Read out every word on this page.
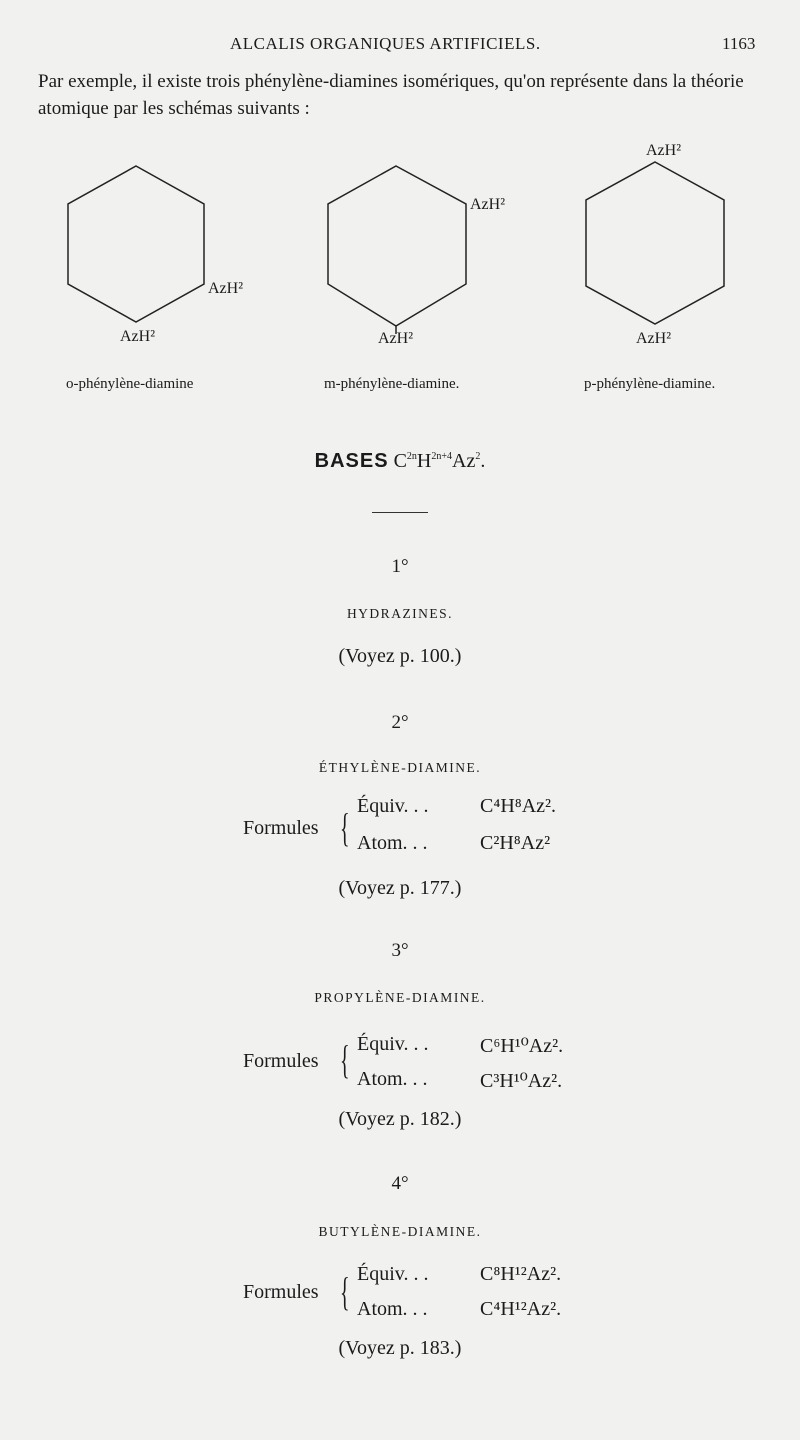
ALCALIS ORGANIQUES ARTIFICIELS.	1163
Par exemple, il existe trois phénylène-diamines isomériques, qu'on représente dans la théorie atomique par les schémas suivants :
AzH²
AzH²
AzH²
AzH²
AzH²
AzH²
o-phénylène-diamine	m-phénylène-diamine.	p-phénylène-diamine.
BASES $C^{2n}H^{2n+4}Az^2$.
1°
HYDRAZINES.
(Voyez p. 100.)
2°
ÉTHYLÈNE-DIAMINE.
Formules { Équiv. . .	C⁴H⁸Az².
Atom. . .	C²H⁸Az²
(Voyez p. 177.)
3°
PROPYLÈNE-DIAMINE.
Formules { Équiv. . .	C⁶H¹⁰Az².
Atom. . .	C³H¹⁰Az².
(Voyez p. 182.)
4°
BUTYLÈNE-DIAMINE.
Formules { Équiv. . .	C⁸H¹²Az².
Atom. . .	C⁴H¹²Az².
(Voyez p. 183.)
